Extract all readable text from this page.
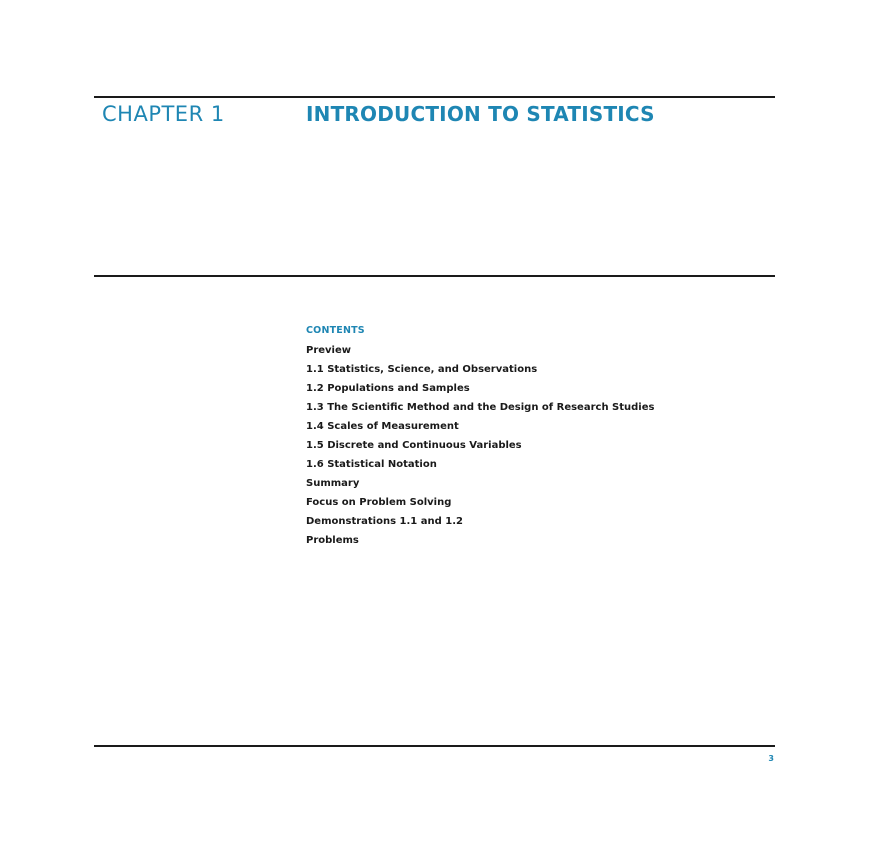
CHAPTER 1	INTRODUCTION TO STATISTICS
CONTENTS
Preview
1.1 Statistics, Science, and Observations
1.2 Populations and Samples
1.3 The Scientific Method and the Design of Research Studies
1.4 Scales of Measurement
1.5 Discrete and Continuous Variables
1.6 Statistical Notation
Summary
Focus on Problem Solving
Demonstrations 1.1 and 1.2
Problems
3
